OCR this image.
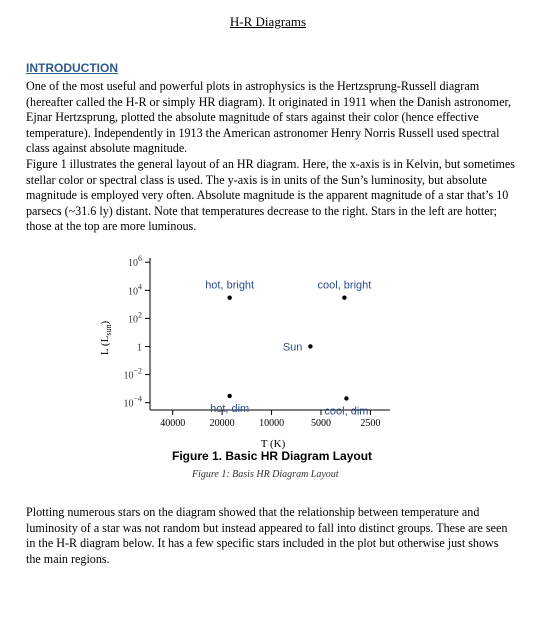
H-R Diagrams
INTRODUCTION

One of the most useful and powerful plots in astrophysics is the Hertzsprung-Russell diagram (hereafter called the H-R or simply HR diagram). It originated in 1911 when the Danish astronomer, Ejnar Hertzsprung, plotted the absolute magnitude of stars against their color (hence effective temperature). Independently in 1913 the American astronomer Henry Norris Russell used spectral class against absolute magnitude.

Figure 1 illustrates the general layout of an HR diagram. Here, the x-axis is in Kelvin, but sometimes stellar color or spectral class is used. The y-axis is in units of the Sun’s luminosity, but absolute magnitude is employed very often. Absolute magnitude is the apparent magnitude of a star that’s 10 parsecs (~31.6 ly) distant. Note that temperatures decrease to the right. Stars in the left are hotter; those at the top are more luminous.

$10^6$
$10^4$
$10^2$
1
$10^{-2}$
$10^{-4}$
40000 20000 10000	5000	2500
hot, bright	cool, bright
Sun
hot, dim	cool, dim
T (K)
L $(L_{sun})$
Figure 1. Basic HR Diagram Layout
Figure 1: Basis HR Diagram Layout

Plotting numerous stars on the diagram showed that the relationship between temperature and luminosity of a star was not random but instead appeared to fall into distinct groups. These are seen in the H-R diagram below. It has a few specific stars included in the plot but otherwise just shows the main regions.
